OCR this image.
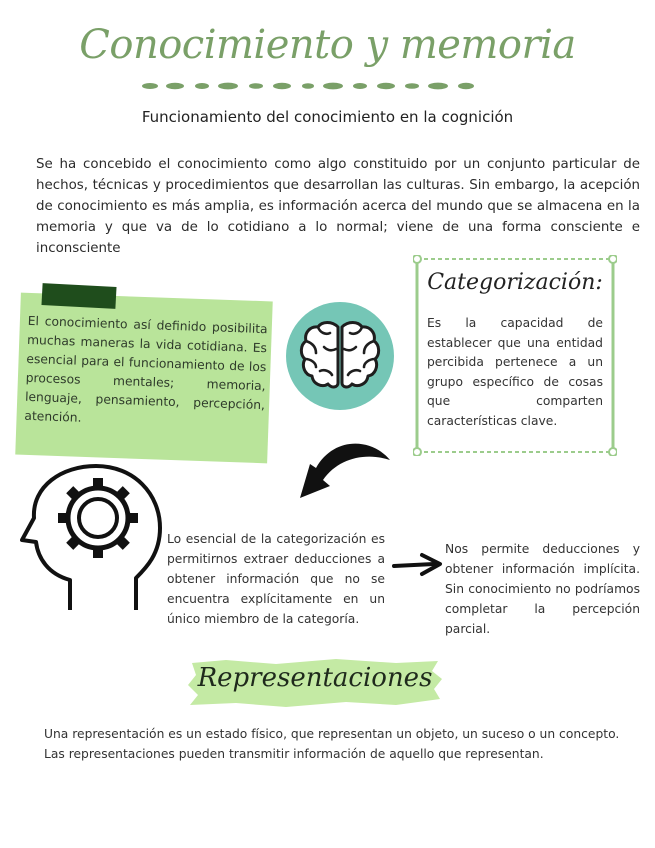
Conocimiento y memoria
Funcionamiento del conocimiento en la cognición
Se ha concebido el conocimiento como algo constituido por un conjunto particular de hechos, técnicas y procedimientos que desarrollan las culturas. Sin embargo, la acepción de conocimiento es más amplia, es información acerca del mundo que se almacena en la memoria y que va de lo cotidiano a lo normal; viene de una forma consciente e inconsciente
El conocimiento así definido posibilita muchas maneras la vida cotidiana. Es esencial para el funcionamiento de los procesos mentales; memoria, lenguaje, pensamiento, percepción, atención.
Categorización:
Es la capacidad de establecer que una entidad percibida pertenece a un grupo específico de cosas que comparten características clave.
Lo esencial de la categorización es permitirnos extraer deducciones a obtener información que no se encuentra explícitamente en un único miembro de la categoría.
Nos permite deducciones y obtener información implícita. Sin conocimiento no podríamos completar la percepción parcial.
Representaciones
Una representación es un estado físico, que representan un objeto, un suceso o un concepto.
Las representaciones pueden transmitir información de aquello que representan.
